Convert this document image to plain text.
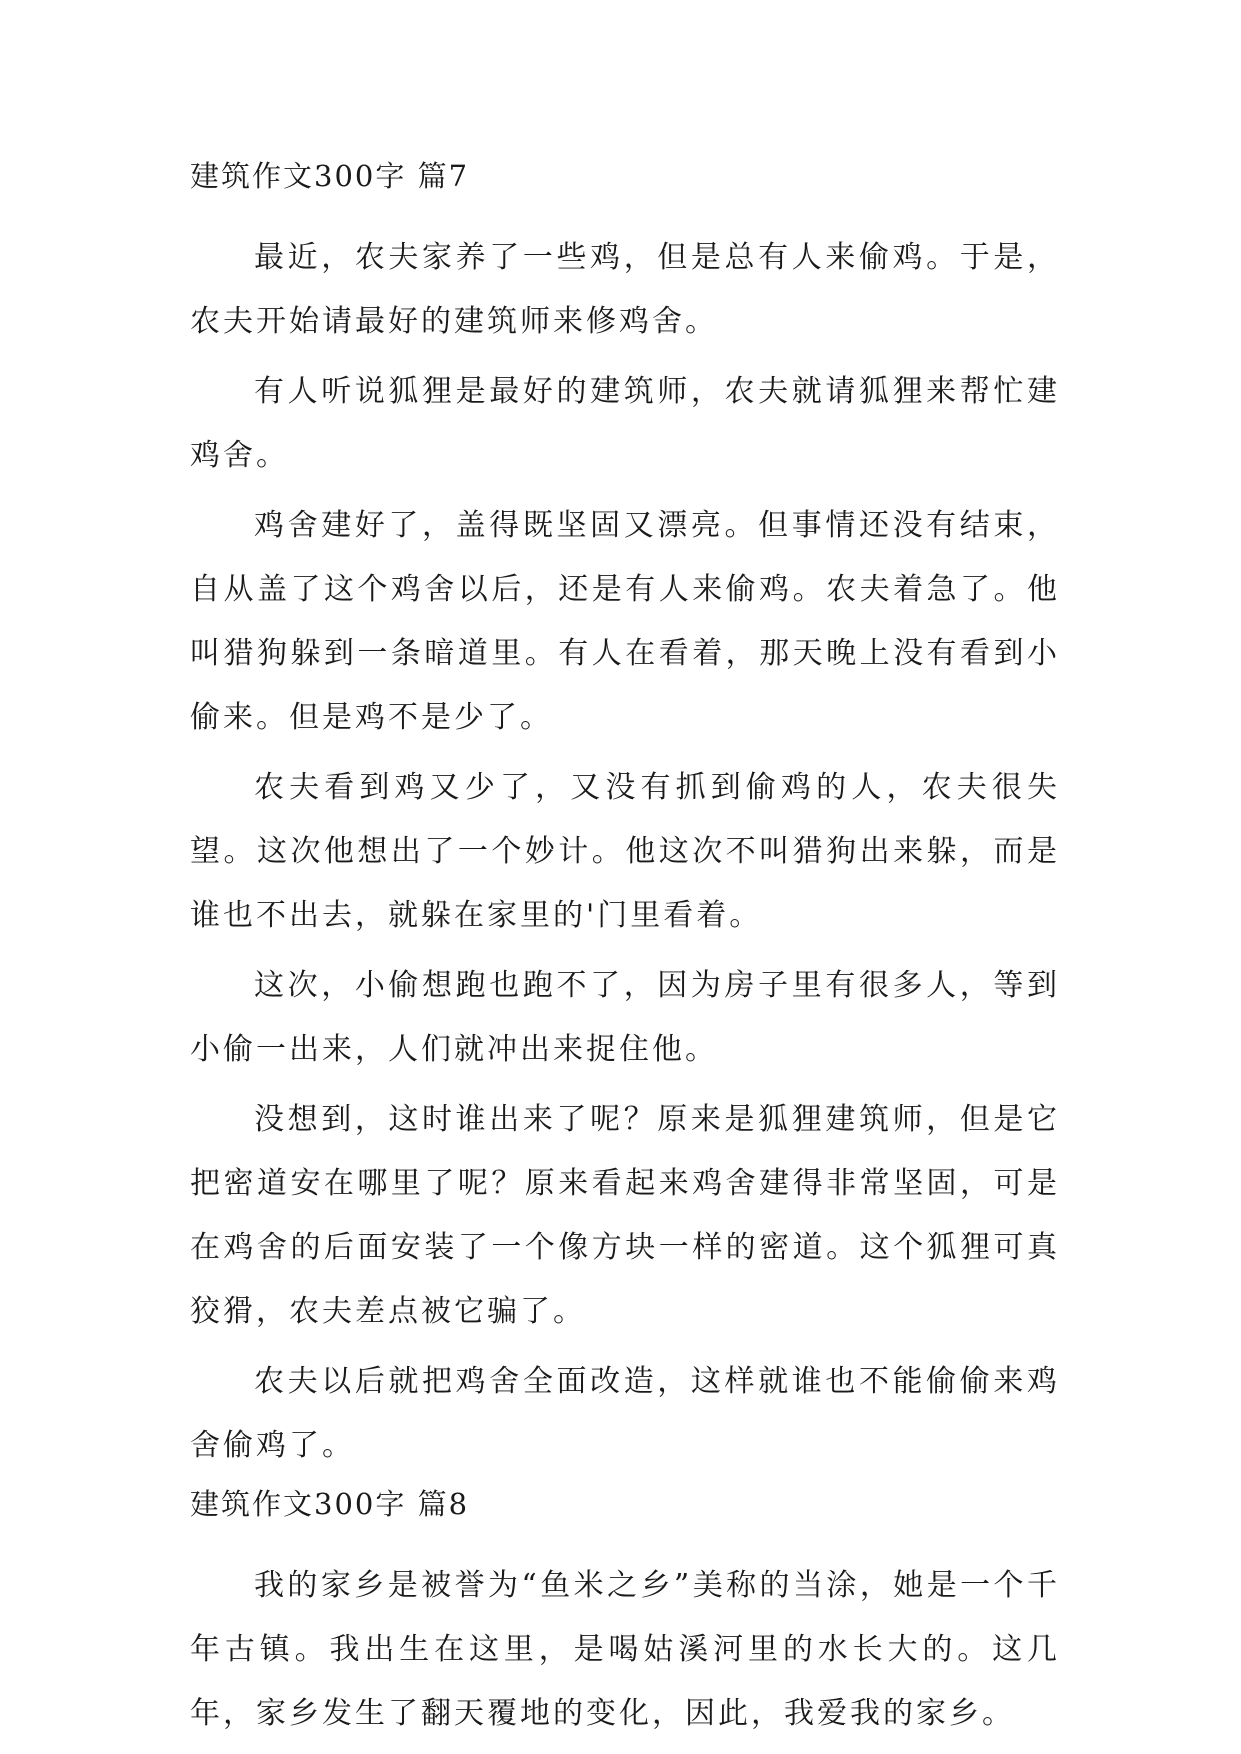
建筑作文300字 篇7

最近，农夫家养了一些鸡，但是总有人来偷鸡。于是，农夫开始请最好的建筑师来修鸡舍。

有人听说狐狸是最好的建筑师，农夫就请狐狸来帮忙建鸡舍。

鸡舍建好了，盖得既坚固又漂亮。但事情还没有结束，自从盖了这个鸡舍以后，还是有人来偷鸡。农夫着急了。他叫猎狗躲到一条暗道里。有人在看着，那天晚上没有看到小偷来。但是鸡不是少了。

农夫看到鸡又少了，又没有抓到偷鸡的人，农夫很失望。这次他想出了一个妙计。他这次不叫猎狗出来躲，而是谁也不出去，就躲在家里的'门里看着。

这次，小偷想跑也跑不了，因为房子里有很多人，等到小偷一出来，人们就冲出来捉住他。

没想到，这时谁出来了呢？原来是狐狸建筑师，但是它把密道安在哪里了呢？原来看起来鸡舍建得非常坚固，可是在鸡舍的后面安装了一个像方块一样的密道。这个狐狸可真狡猾，农夫差点被它骗了。

农夫以后就把鸡舍全面改造，这样就谁也不能偷偷来鸡舍偷鸡了。

建筑作文300字 篇8

我的家乡是被誉为“鱼米之乡”美称的当涂，她是一个千年古镇。我出生在这里，是喝姑溪河里的水长大的。这几年，家乡发生了翻天覆地的变化，因此，我爱我的家乡。
